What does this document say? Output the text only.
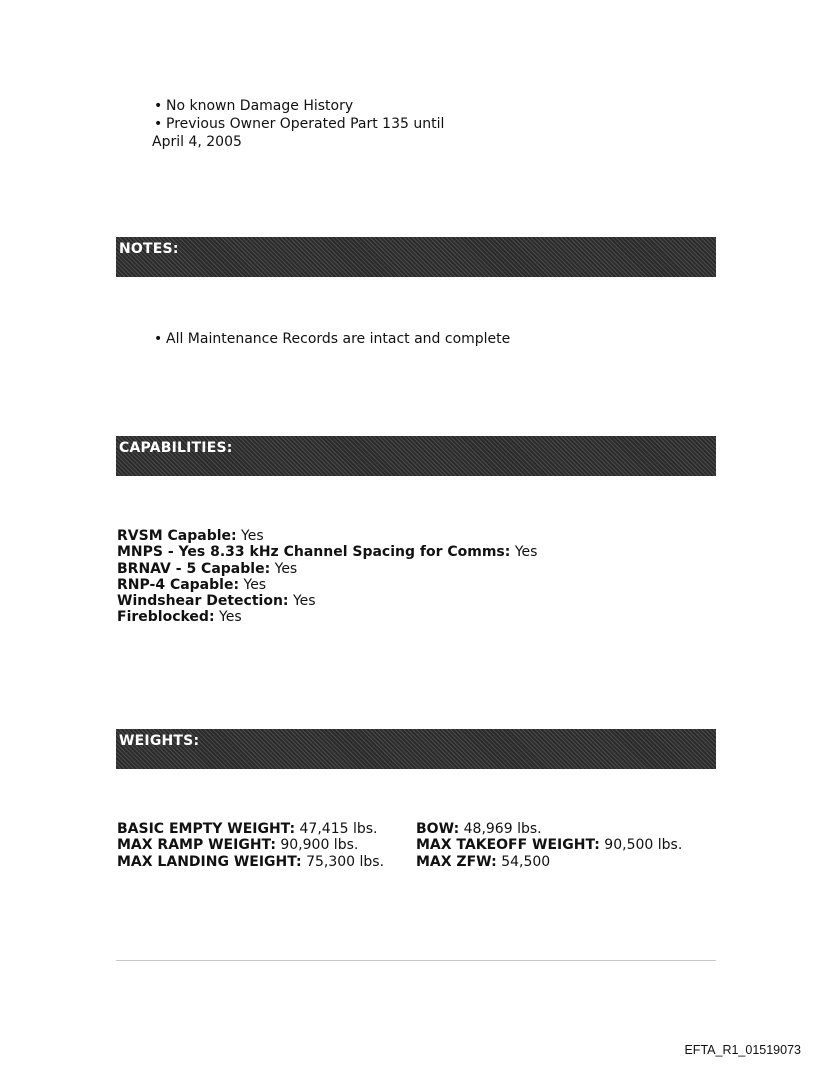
• No known Damage History
• Previous Owner Operated Part 135 until
April 4, 2005
NOTES:
• All Maintenance Records are intact and complete
CAPABILITIES:
RVSM Capable: Yes
MNPS - Yes 8.33 kHz Channel Spacing for Comms: Yes
BRNAV - 5 Capable: Yes
RNP-4 Capable: Yes
Windshear Detection: Yes
Fireblocked: Yes
WEIGHTS:
BASIC EMPTY WEIGHT: 47,415 lbs.
MAX RAMP WEIGHT: 90,900 lbs.
MAX LANDING WEIGHT: 75,300 lbs.
BOW: 48,969 lbs.
MAX TAKEOFF WEIGHT: 90,500 lbs.
MAX ZFW: 54,500
EFTA_R1_01519073
